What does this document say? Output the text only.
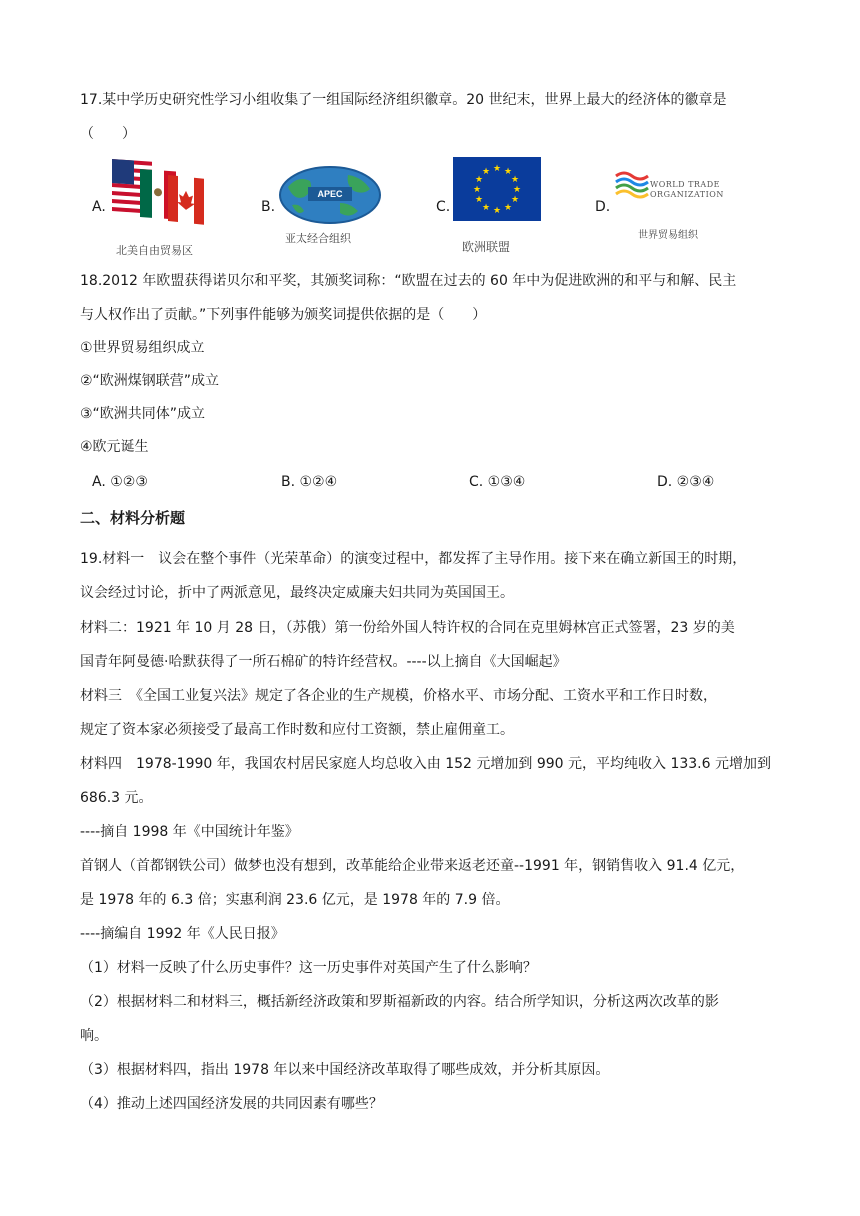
17.某中学历史研究性学习小组收集了一组国际经济组织徽章。20 世纪末，世界上最大的经济体的徽章是
（　　）
A.
北美自由贸易区
B.
APEC
亚太经合组织
C.
★ ★
★
★
★
★
★
★
★
★
★
★
欧洲联盟
D.
WORLD TRADE
ORGANIZATION
世界贸易组织
18.2012 年欧盟获得诺贝尔和平奖，其颁奖词称：“欧盟在过去的 60 年中为促进欧洲的和平与和解、民主
与人权作出了贡献。”下列事件能够为颁奖词提供依据的是（　　）
①世界贸易组织成立
②“欧洲煤钢联营”成立
③“欧洲共同体”成立
④欧元诞生
A. ①②③	B. ①②④	C. ①③④	D. ②③④
二、材料分析题
19.材料一　议会在整个事件（光荣革命）的演变过程中，都发挥了主导作用。接下来在确立新国王的时期，
议会经过讨论，折中了两派意见，最终决定威廉夫妇共同为英国国王。
材料二：1921 年 10 月 28 日，（苏俄）第一份给外国人特许权的合同在克里姆林宫正式签署，23 岁的美
国青年阿曼德·哈默获得了一所石棉矿的特许经营权。----以上摘自《大国崛起》
材料三　《全国工业复兴法》规定了各企业的生产规模，价格水平、市场分配、工资水平和工作日时数，
规定了资本家必须接受了最高工作时数和应付工资额，禁止雇佣童工。
材料四　1978-1990 年，我国农村居民家庭人均总收入由 152 元增加到 990 元，平均纯收入 133.6 元增加到
686.3 元。
----摘自 1998 年《中国统计年鉴》
首钢人（首都钢铁公司）做梦也没有想到，改革能给企业带来返老还童--1991 年，钢销售收入 91.4 亿元，
是 1978 年的 6.3 倍；实惠利润 23.6 亿元，是 1978 年的 7.9 倍。
----摘编自 1992 年《人民日报》
（1）材料一反映了什么历史事件？这一历史事件对英国产生了什么影响？
（2）根据材料二和材料三，概括新经济政策和罗斯福新政的内容。结合所学知识，分析这两次改革的影
响。
（3）根据材料四，指出 1978 年以来中国经济改革取得了哪些成效，并分析其原因。
（4）推动上述四国经济发展的共同因素有哪些？
